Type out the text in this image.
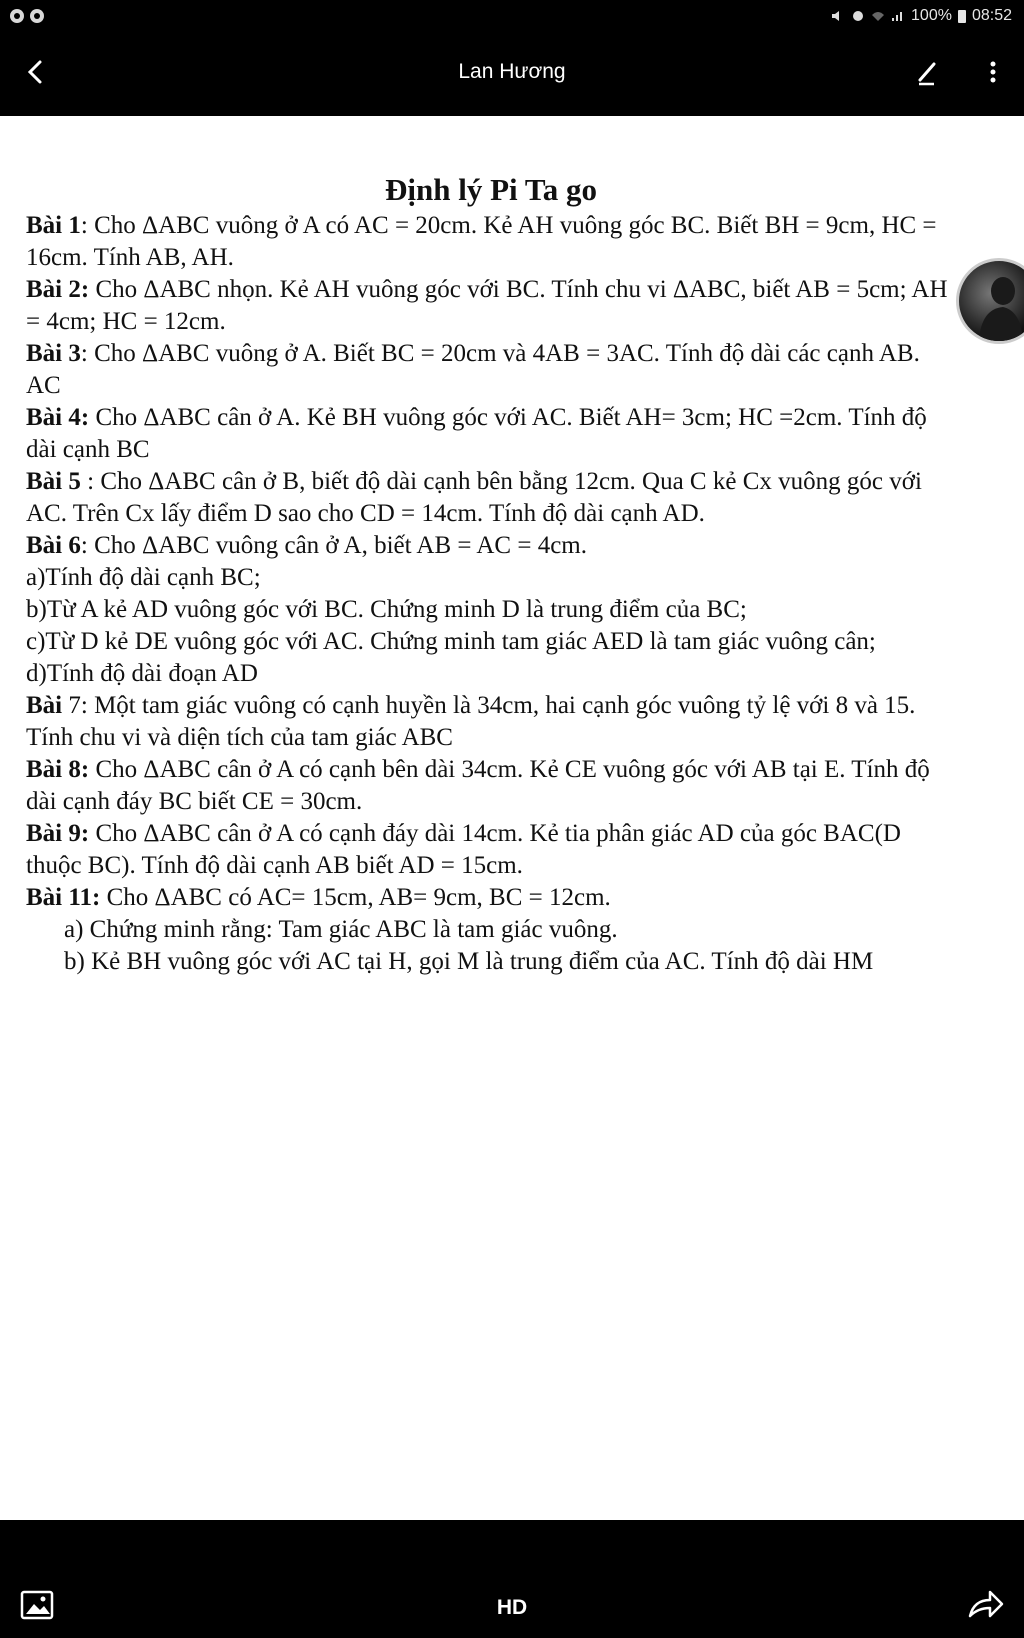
100% 08:52
Lan Hương
Định lý Pi Ta go

Bài 1: Cho ΔABC vuông ở A có AC = 20cm. Kẻ AH vuông góc BC. Biết BH = 9cm, HC = 16cm. Tính AB, AH.

Bài 2: Cho ΔABC nhọn. Kẻ AH vuông góc với BC. Tính chu vi ΔABC, biết AB = 5cm; AH = 4cm; HC = 12cm.

Bài 3: Cho ΔABC vuông ở A. Biết BC = 20cm và 4AB = 3AC. Tính độ dài các cạnh AB. AC

Bài 4: Cho ΔABC cân ở A. Kẻ BH vuông góc với AC. Biết AH= 3cm; HC =2cm. Tính độ dài cạnh BC

Bài 5 : Cho ΔABC cân ở B, biết độ dài cạnh bên bằng 12cm. Qua C kẻ Cx vuông góc với AC. Trên Cx lấy điểm D sao cho CD = 14cm. Tính độ dài cạnh AD.

Bài 6: Cho ΔABC vuông cân ở A, biết AB = AC = 4cm.

a)Tính độ dài cạnh BC;

b)Từ A kẻ AD vuông góc với BC. Chứng minh D là trung điểm của BC;

c)Từ D kẻ DE vuông góc với AC. Chứng minh tam giác AED là tam giác vuông cân;

d)Tính độ dài đoạn AD

Bài 7: Một tam giác vuông có cạnh huyền là 34cm, hai cạnh góc vuông tỷ lệ với 8 và 15. Tính chu vi và diện tích của tam giác ABC

Bài 8: Cho ΔABC cân ở A có cạnh bên dài 34cm. Kẻ CE vuông góc với AB tại E. Tính độ dài cạnh đáy BC biết CE = 30cm.

Bài 9: Cho ΔABC cân ở A có cạnh đáy dài 14cm. Kẻ tia phân giác AD của góc BAC(D thuộc BC). Tính độ dài cạnh AB biết AD = 15cm.

Bài 11: Cho ΔABC có AC= 15cm, AB= 9cm, BC = 12cm.

a) Chứng minh rằng: Tam giác ABC là tam giác vuông.

b) Kẻ BH vuông góc với AC tại H, gọi M là trung điểm của AC. Tính độ dài HM

HD
